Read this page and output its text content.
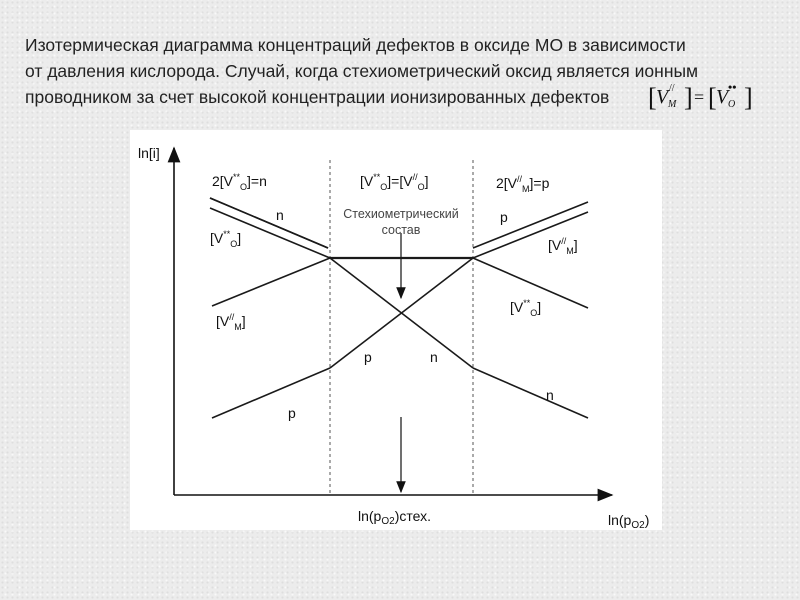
Изотермическая диаграмма концентраций дефектов в оксиде МО в зависимости
от давления кислорода. Случай, когда стехиометрический оксид является ионным
проводником за счет высокой концентрации ионизированных дефектов	[ V M
// ] = [ V O
•• ]
ln[i]
$\ln(p_{O2})$
$\ln(p_{O2})стех$.
Стехиометрический
состав
$2[V^{**}_O]=n$	$[V^{**}_O]=[V^{//}_O]$	$2[V^{//}_M]=p$
n
$[V^{**}_O]$
$[V^{//}_M]$
p
p	n
p
$[V^{//}_M]$
$[V^{**}_O]$
n
